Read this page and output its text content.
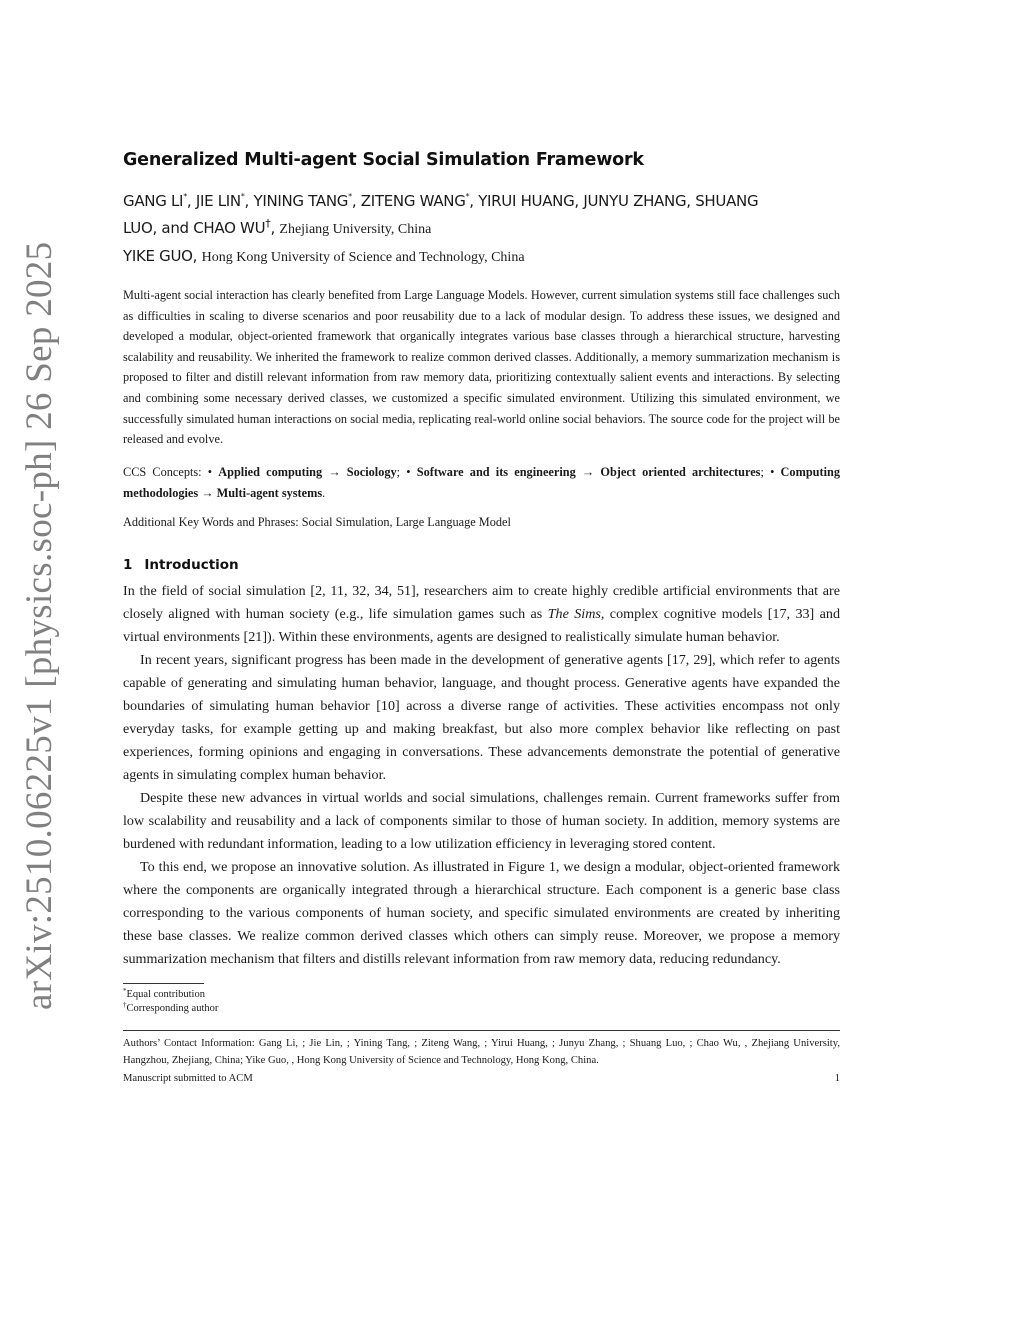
arXiv:2510.06225v1 [physics.soc-ph] 26 Sep 2025
Generalized Multi-agent Social Simulation Framework
GANG LI*, JIE LIN*, YINING TANG*, ZITENG WANG*, YIRUI HUANG, JUNYU ZHANG, SHUANG
LUO, and CHAO WU†, Zhejiang University, China
YIKE GUO, Hong Kong University of Science and Technology, China

Multi-agent social interaction has clearly benefited from Large Language Models. However, current simulation systems still face challenges such as difficulties in scaling to diverse scenarios and poor reusability due to a lack of modular design. To address these issues, we designed and developed a modular, object-oriented framework that organically integrates various base classes through a hierarchical structure, harvesting scalability and reusability. We inherited the framework to realize common derived classes. Additionally, a memory summarization mechanism is proposed to filter and distill relevant information from raw memory data, prioritizing contextually salient events and interactions. By selecting and combining some necessary derived classes, we customized a specific simulated environment. Utilizing this simulated environment, we successfully simulated human interactions on social media, replicating real-world online social behaviors. The source code for the project will be released and evolve.

CCS Concepts: • Applied computing → Sociology; • Software and its engineering → Object oriented architectures; • Computing methodologies → Multi-agent systems.
Additional Key Words and Phrases: Social Simulation, Large Language Model
1 Introduction

In the field of social simulation [2, 11, 32, 34, 51], researchers aim to create highly credible artificial environments that are closely aligned with human society (e.g., life simulation games such as The Sims, complex cognitive models [17, 33] and virtual environments [21]). Within these environments, agents are designed to realistically simulate human behavior.

In recent years, significant progress has been made in the development of generative agents [17, 29], which refer to agents capable of generating and simulating human behavior, language, and thought process. Generative agents have expanded the boundaries of simulating human behavior [10] across a diverse range of activities. These activities encompass not only everyday tasks, for example getting up and making breakfast, but also more complex behavior like reflecting on past experiences, forming opinions and engaging in conversations. These advancements demonstrate the potential of generative agents in simulating complex human behavior.

Despite these new advances in virtual worlds and social simulations, challenges remain. Current frameworks suffer from low scalability and reusability and a lack of components similar to those of human society. In addition, memory systems are burdened with redundant information, leading to a low utilization efficiency in leveraging stored content.

To this end, we propose an innovative solution. As illustrated in Figure 1, we design a modular, object-oriented framework where the components are organically integrated through a hierarchical structure. Each component is a generic base class corresponding to the various components of human society, and specific simulated environments are created by inheriting these base classes. We realize common derived classes which others can simply reuse. Moreover, we propose a memory summarization mechanism that filters and distills relevant information from raw memory data, reducing redundancy.

*Equal contribution
†Corresponding author
Authors’ Contact Information: Gang Li, ; Jie Lin, ; Yining Tang, ; Ziteng Wang, ; Yirui Huang, ; Junyu Zhang, ; Shuang Luo, ; Chao Wu, , Zhejiang University, Hangzhou, Zhejiang, China; Yike Guo, , Hong Kong University of Science and Technology, Hong Kong, China.
Manuscript submitted to ACM	1
